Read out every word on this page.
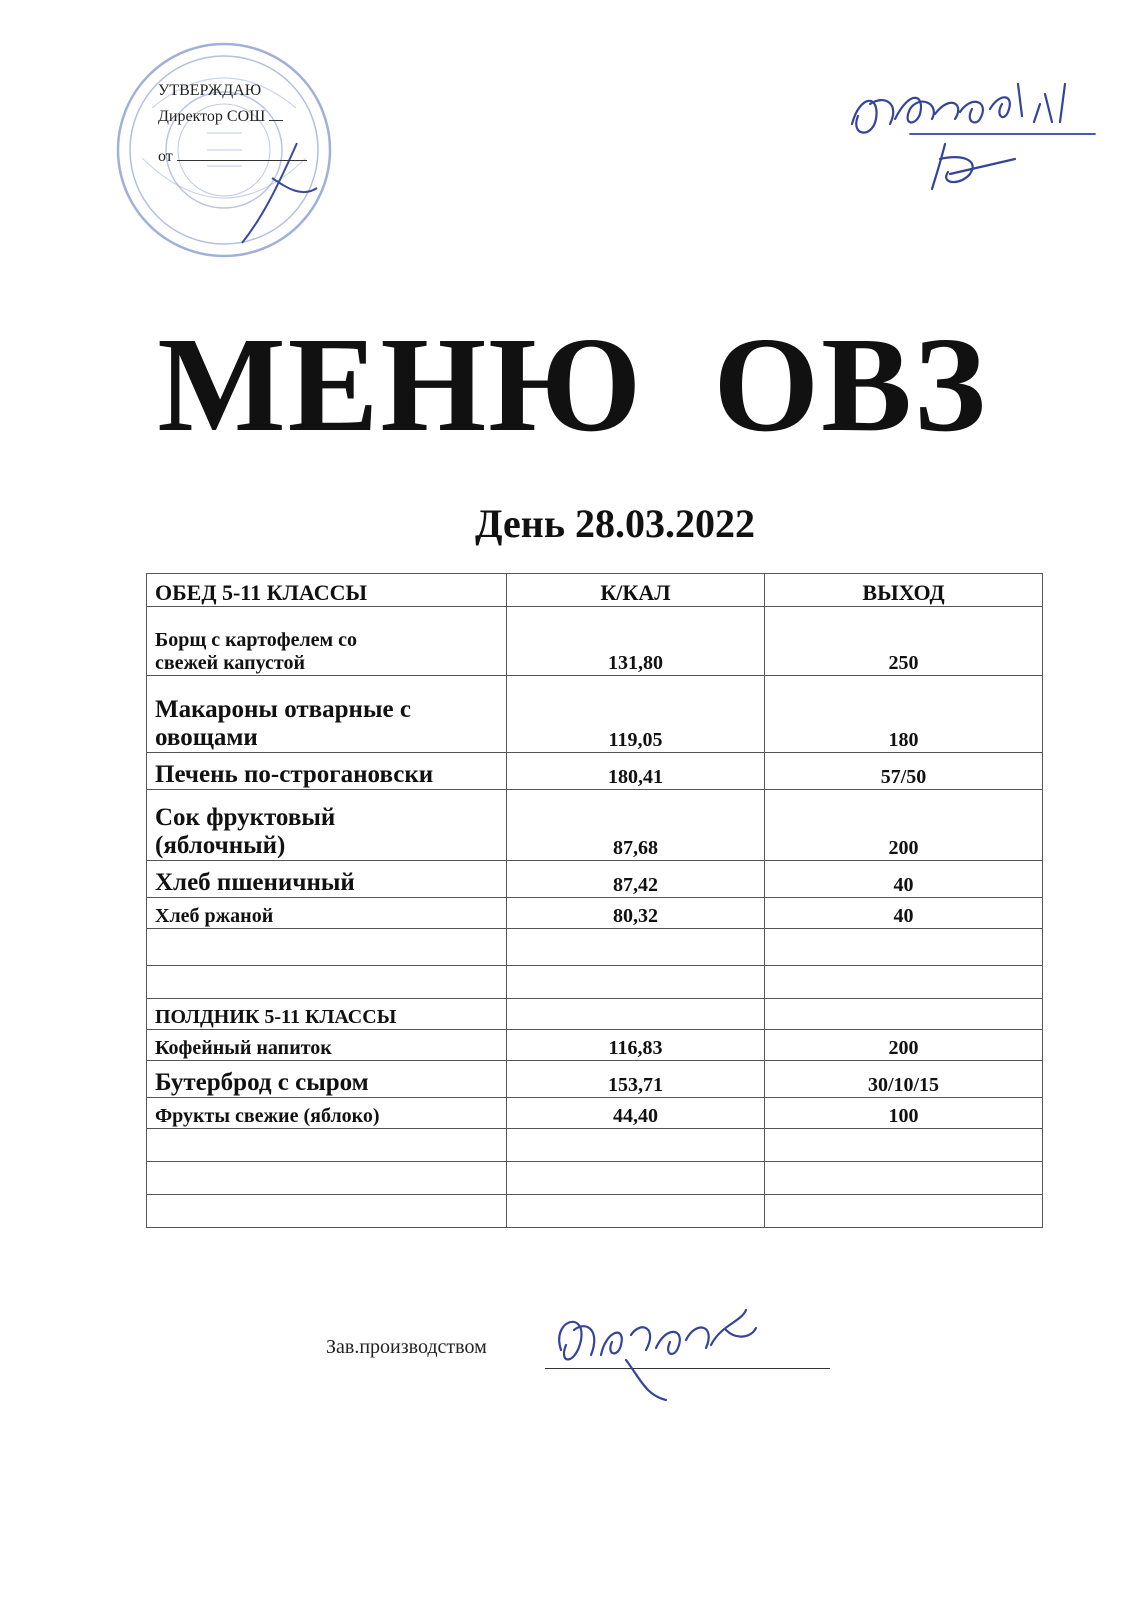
УТВЕРЖДАЮ
Директор СОШ
от
МЕНЮ ОВЗ
День 28.03.2022
ОБЕД 5-11 КЛАССЫ	К/КАЛ	ВЫХОД
Борщ с картофелем со
свежей капустой	131,80	250
Макароны отварные с
овощами	119,05	180
Печень по-строгановски	180,41	57/50
Сок фруктовый
(яблочный)	87,68	200
Хлеб пшеничный	87,42	40
Хлеб ржаной	80,32	40

ПОЛДНИК 5-11 КЛАССЫ		
Кофейный напиток	116,83	200
Бутерброд с сыром	153,71	30/10/15
Фрукты свежие (яблоко)	44,40	100

Зав.производством
